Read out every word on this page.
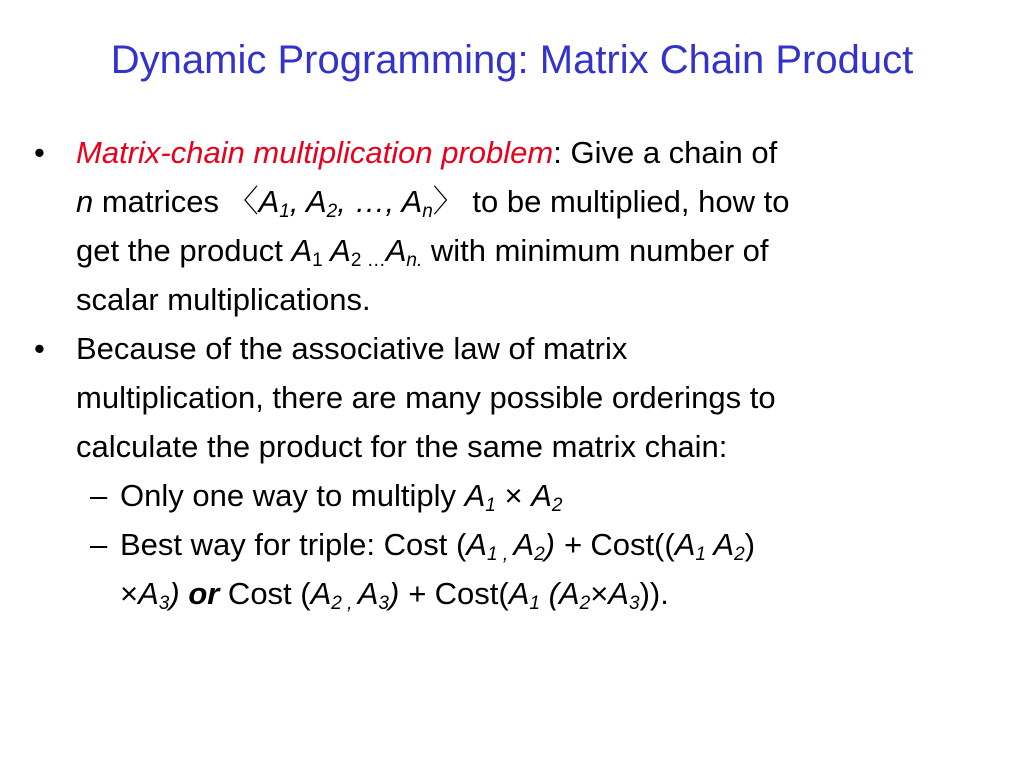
Dynamic Programming: Matrix Chain Product
• Matrix-chain multiplication problem: Give a chain of
n matrices 〈$A_1$, $A_2$, …, $A_n$〉 to be multiplied, how to
get the product $A_1$ $A_2$ $_\dots A_{n.}$ with minimum number of
scalar multiplications.
• Because of the associative law of matrix
multiplication, there are many possible orderings to
calculate the product for the same matrix chain:
– Only one way to multiply $A_1 \times A_2$
– Best way for triple: Cost ($A_1$ $_,$ $A_2$) + $Cost((A_1$ $A_2$)
$\times A_3$) or Cost ($A_2$ $_,$ $A_3$) + $Cost(A_1$ $(A_2\times A_3)$).
